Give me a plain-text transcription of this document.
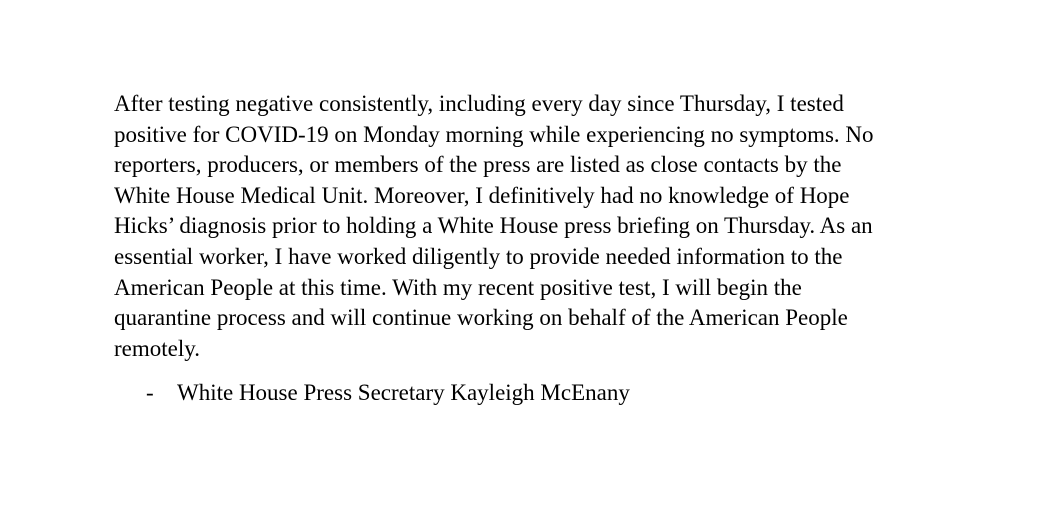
After testing negative consistently, including every day since Thursday, I tested
positive for COVID-19 on Monday morning while experiencing no symptoms. No
reporters, producers, or members of the press are listed as close contacts by the
White House Medical Unit. Moreover, I definitively had no knowledge of Hope
Hicks’ diagnosis prior to holding a White House press briefing on Thursday. As an
essential worker, I have worked diligently to provide needed information to the
American People at this time. With my recent positive test, I will begin the
quarantine process and will continue working on behalf of the American People
remotely.
- White House Press Secretary Kayleigh McEnany
